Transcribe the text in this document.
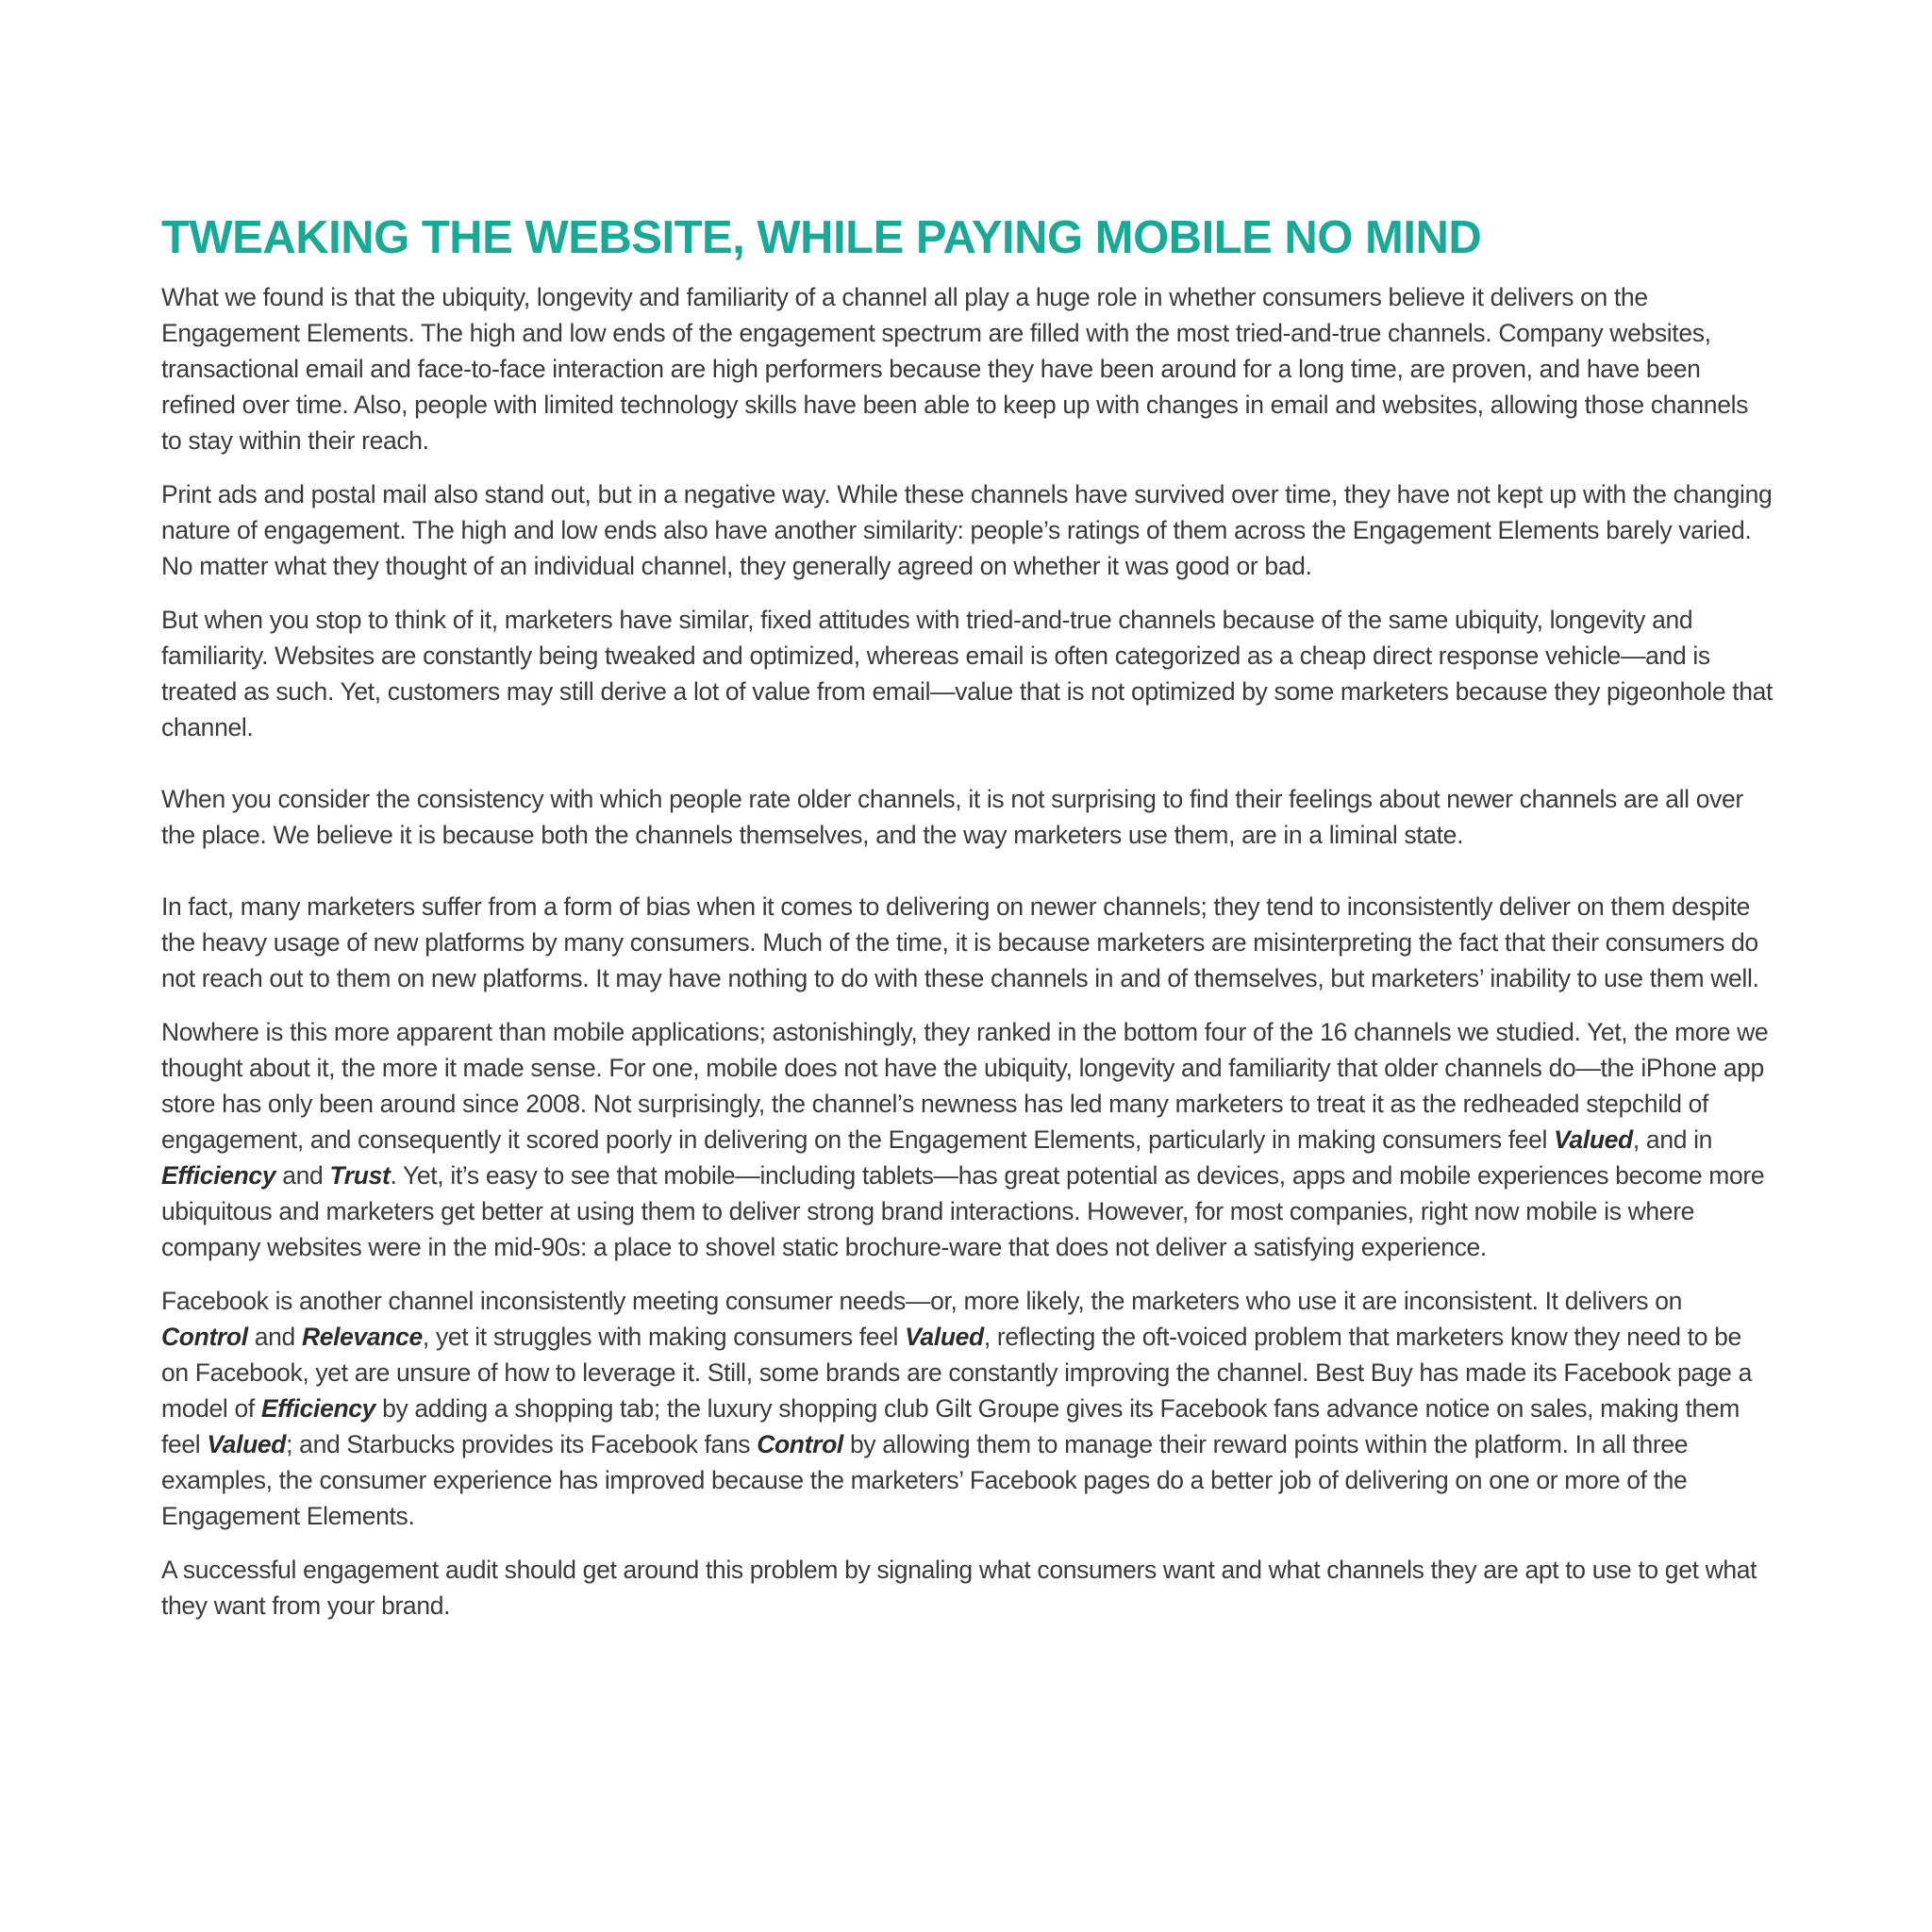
TWEAKING THE WEBSITE, WHILE PAYING MOBILE NO MIND

What we found is that the ubiquity, longevity and familiarity of a channel all play a huge role in whether consumers believe it delivers on the Engagement Elements. The high and low ends of the engagement spectrum are filled with the most tried-and-true channels. Company websites, transactional email and face-to-face interaction are high performers because they have been around for a long time, are proven, and have been refined over time. Also, people with limited technology skills have been able to keep up with changes in email and websites, allowing those channels to stay within their reach.

Print ads and postal mail also stand out, but in a negative way. While these channels have survived over time, they have not kept up with the changing nature of engagement. The high and low ends also have another similarity: people’s ratings of them across the Engagement Elements barely varied. No matter what they thought of an individual channel, they generally agreed on whether it was good or bad.

But when you stop to think of it, marketers have similar, fixed attitudes with tried-and-true channels because of the same ubiquity, longevity and familiarity. Websites are constantly being tweaked and optimized, whereas email is often categorized as a cheap direct response vehicle—and is treated as such. Yet, customers may still derive a lot of value from email—value that is not optimized by some marketers because they pigeonhole that channel.

When you consider the consistency with which people rate older channels, it is not surprising to find their feelings about newer channels are all over the place. We believe it is because both the channels themselves, and the way marketers use them, are in a liminal state.

In fact, many marketers suffer from a form of bias when it comes to delivering on newer channels; they tend to inconsistently deliver on them despite the heavy usage of new platforms by many consumers. Much of the time, it is because marketers are misinterpreting the fact that their consumers do not reach out to them on new platforms. It may have nothing to do with these channels in and of themselves, but marketers’ inability to use them well.

Nowhere is this more apparent than mobile applications; astonishingly, they ranked in the bottom four of the 16 channels we studied. Yet, the more we thought about it, the more it made sense. For one, mobile does not have the ubiquity, longevity and familiarity that older channels do—the iPhone app store has only been around since 2008. Not surprisingly, the channel’s newness has led many marketers to treat it as the redheaded stepchild of engagement, and consequently it scored poorly in delivering on the Engagement Elements, particularly in making consumers feel Valued, and in Efficiency and Trust. Yet, it’s easy to see that mobile—including tablets—has great potential as devices, apps and mobile experiences become more ubiquitous and marketers get better at using them to deliver strong brand interactions. However, for most companies, right now mobile is where company websites were in the mid-90s: a place to shovel static brochure-ware that does not deliver a satisfying experience.

Facebook is another channel inconsistently meeting consumer needs—or, more likely, the marketers who use it are inconsistent. It delivers on Control and Relevance, yet it struggles with making consumers feel Valued, reflecting the oft-voiced problem that marketers know they need to be on Facebook, yet are unsure of how to leverage it. Still, some brands are constantly improving the channel. Best Buy has made its Facebook page a model of Efficiency by adding a shopping tab; the luxury shopping club Gilt Groupe gives its Facebook fans advance notice on sales, making them feel Valued; and Starbucks provides its Facebook fans Control by allowing them to manage their reward points within the platform. In all three examples, the consumer experience has improved because the marketers’ Facebook pages do a better job of delivering on one or more of the Engagement Elements.

A successful engagement audit should get around this problem by signaling what consumers want and what channels they are apt to use to get what they want from your brand.
